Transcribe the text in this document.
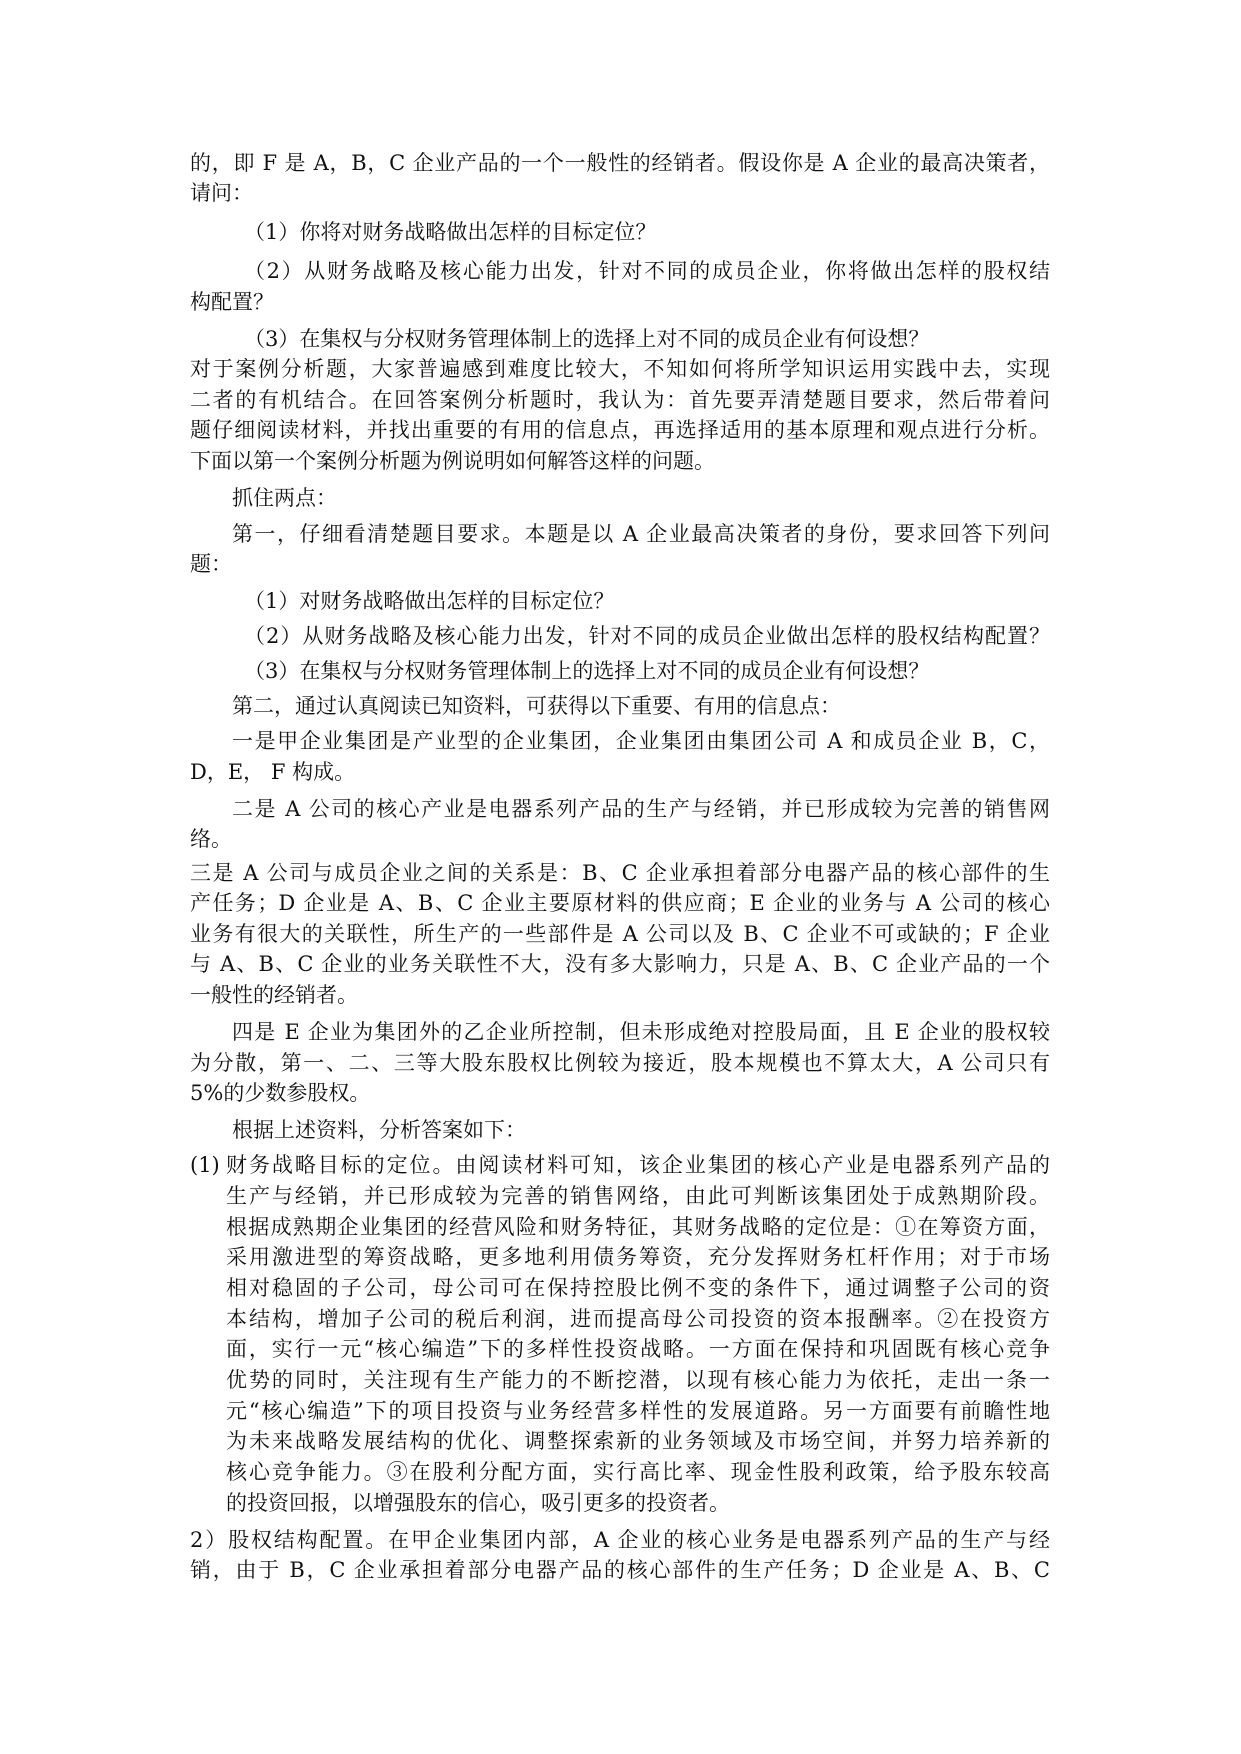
的，即 F 是 A，B，C 企业产品的一个一般性的经销者。假设你是 A 企业的最高决策者，
请问：
（1）你将对财务战略做出怎样的目标定位？
（2）从财务战略及核心能力出发，针对不同的成员企业，你将做出怎样的股权结
构配置？
（3）在集权与分权财务管理体制上的选择上对不同的成员企业有何设想？
对于案例分析题，大家普遍感到难度比较大，不知如何将所学知识运用实践中去，实现
二者的有机结合。在回答案例分析题时，我认为：首先要弄清楚题目要求，然后带着问
题仔细阅读材料，并找出重要的有用的信息点，再选择适用的基本原理和观点进行分析。
下面以第一个案例分析题为例说明如何解答这样的问题。
抓住两点：
第一，仔细看清楚题目要求。本题是以 A 企业最高决策者的身份，要求回答下列问
题：
（1）对财务战略做出怎样的目标定位？
（2）从财务战略及核心能力出发，针对不同的成员企业做出怎样的股权结构配置？
（3）在集权与分权财务管理体制上的选择上对不同的成员企业有何设想？
第二，通过认真阅读已知资料，可获得以下重要、有用的信息点：
一是甲企业集团是产业型的企业集团，企业集团由集团公司 A 和成员企业 B，C，
D，E， F 构成。
二是 A 公司的核心产业是电器系列产品的生产与经销，并已形成较为完善的销售网
络。
三是 A 公司与成员企业之间的关系是：B、C 企业承担着部分电器产品的核心部件的生
产任务；D 企业是 A、B、C 企业主要原材料的供应商；E 企业的业务与 A 公司的核心
业务有很大的关联性，所生产的一些部件是 A 公司以及 B、C 企业不可或缺的；F 企业
与 A、B、C 企业的业务关联性不大，没有多大影响力，只是 A、B、C 企业产品的一个
一般性的经销者。
四是 E 企业为集团外的乙企业所控制，但未形成绝对控股局面，且 E 企业的股权较
为分散，第一、二、三等大股东股权比例较为接近，股本规模也不算太大，A 公司只有
5%的少数参股权。
根据上述资料，分析答案如下：
(1) 财务战略目标的定位。由阅读材料可知，该企业集团的核心产业是电器系列产品的
生产与经销，并已形成较为完善的销售网络，由此可判断该集团处于成熟期阶段。
根据成熟期企业集团的经营风险和财务特征，其财务战略的定位是：①在筹资方面，
采用激进型的筹资战略，更多地利用债务筹资，充分发挥财务杠杆作用；对于市场
相对稳固的子公司，母公司可在保持控股比例不变的条件下，通过调整子公司的资
本结构，增加子公司的税后利润，进而提高母公司投资的资本报酬率。②在投资方
面，实行一元“核心编造”下的多样性投资战略。一方面在保持和巩固既有核心竞争
优势的同时，关注现有生产能力的不断挖潜，以现有核心能力为依托，走出一条一
元“核心编造”下的项目投资与业务经营多样性的发展道路。另一方面要有前瞻性地
为未来战略发展结构的优化、调整探索新的业务领域及市场空间，并努力培养新的
核心竞争能力。③在股利分配方面，实行高比率、现金性股利政策，给予股东较高
的投资回报，以增强股东的信心，吸引更多的投资者。
2）股权结构配置。在甲企业集团内部，A 企业的核心业务是电器系列产品的生产与经
销，由于 B，C 企业承担着部分电器产品的核心部件的生产任务；D 企业是 A、B、C
